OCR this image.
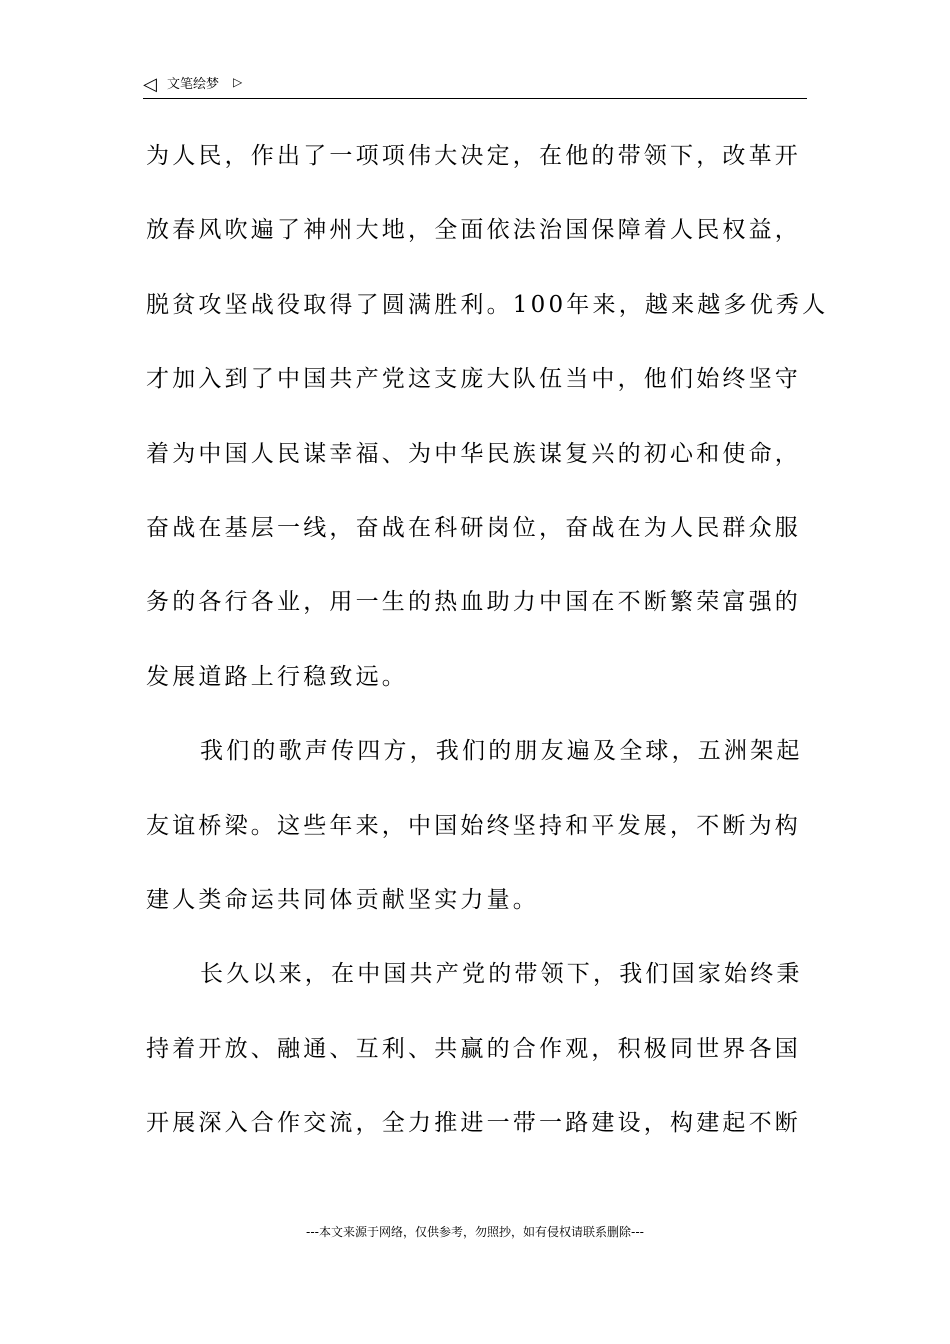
◁ 文笔绘梦 ▷
为人民，作出了一项项伟大决定，在他的带领下，改革开
放春风吹遍了神州大地，全面依法治国保障着人民权益，
脱贫攻坚战役取得了圆满胜利。100年来，越来越多优秀人
才加入到了中国共产党这支庞大队伍当中，他们始终坚守
着为中国人民谋幸福、为中华民族谋复兴的初心和使命，
奋战在基层一线，奋战在科研岗位，奋战在为人民群众服
务的各行各业，用一生的热血助力中国在不断繁荣富强的
发展道路上行稳致远。
我们的歌声传四方，我们的朋友遍及全球，五洲架起
友谊桥梁。这些年来，中国始终坚持和平发展，不断为构
建人类命运共同体贡献坚实力量。
长久以来，在中国共产党的带领下，我们国家始终秉
持着开放、融通、互利、共赢的合作观，积极同世界各国
开展深入合作交流，全力推进一带一路建设，构建起不断
---本文来源于网络，仅供参考，勿照抄，如有侵权请联系删除---
